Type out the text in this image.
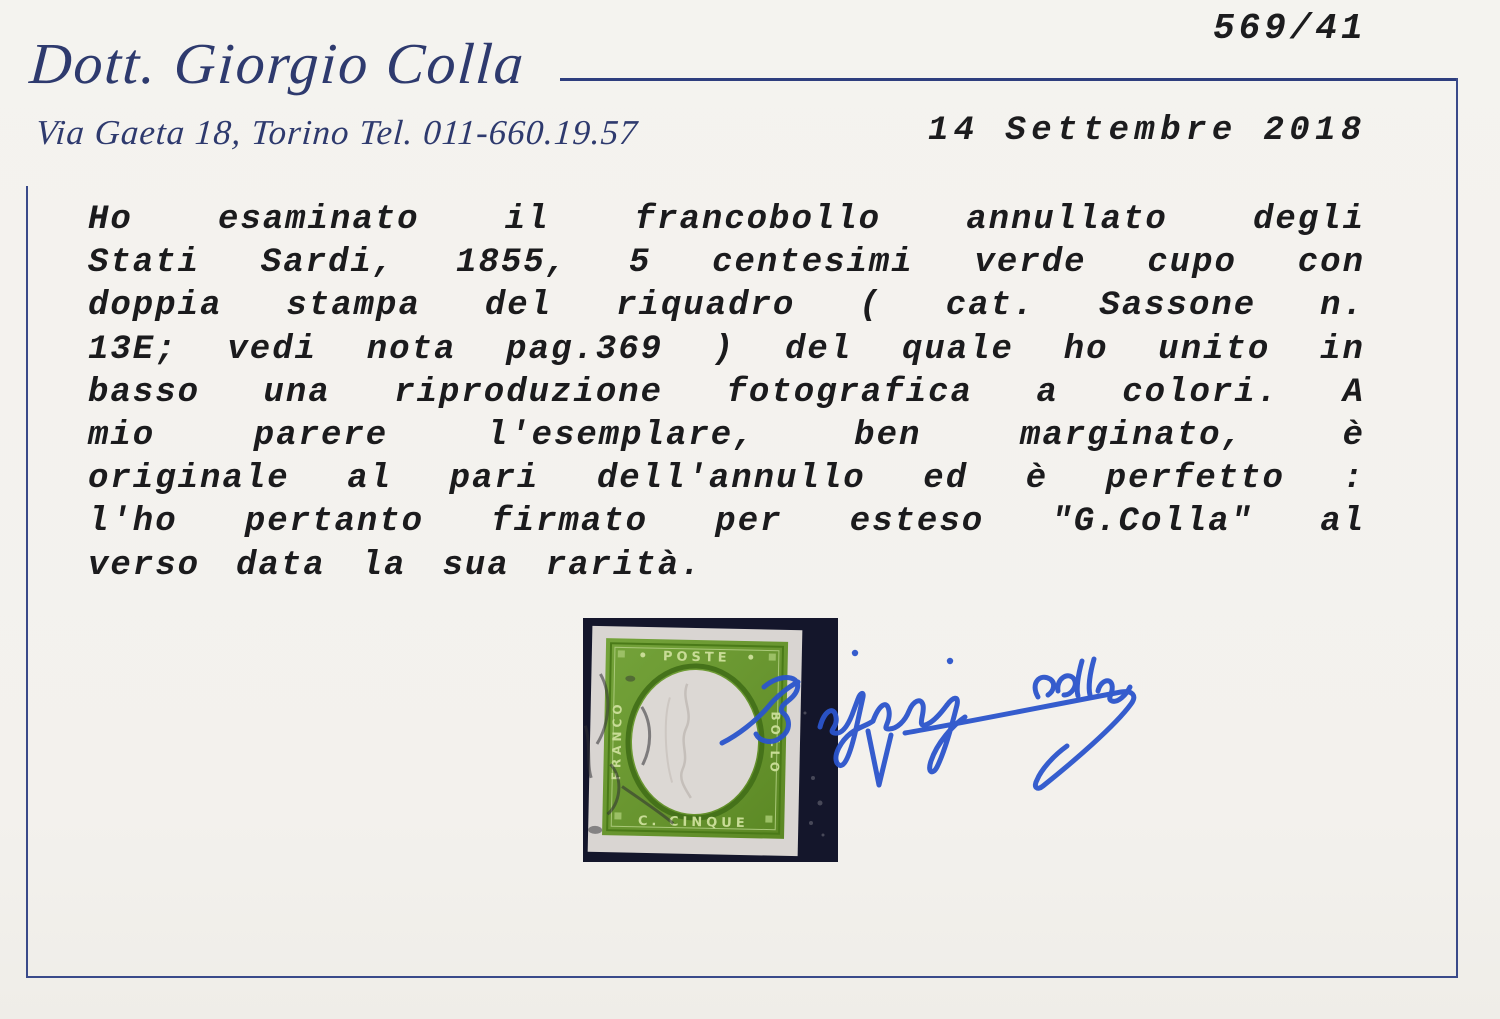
Dott. Giorgio Colla
Via Gaeta 18, Torino Tel. 011-660.19.57
569/41
14 Settembre 2018
Ho	esaminato	il	francobollo	annullato	degli
Stati Sardi, 1855, 5 centesimi verde cupo con
doppia stampa del riquadro ( cat. Sassone n.
13E; vedi nota pag.369 ) del quale ho unito in
basso una riproduzione fotografica a colori. A
mio	parere	l'esemplare,	ben	marginato,	è
originale al pari dell'annullo ed è perfetto :
l'ho pertanto firmato per esteso "G.Colla" al
verso data la sua rarità.
POSTE
FRANCO	BOLLO
C. CINQUE
